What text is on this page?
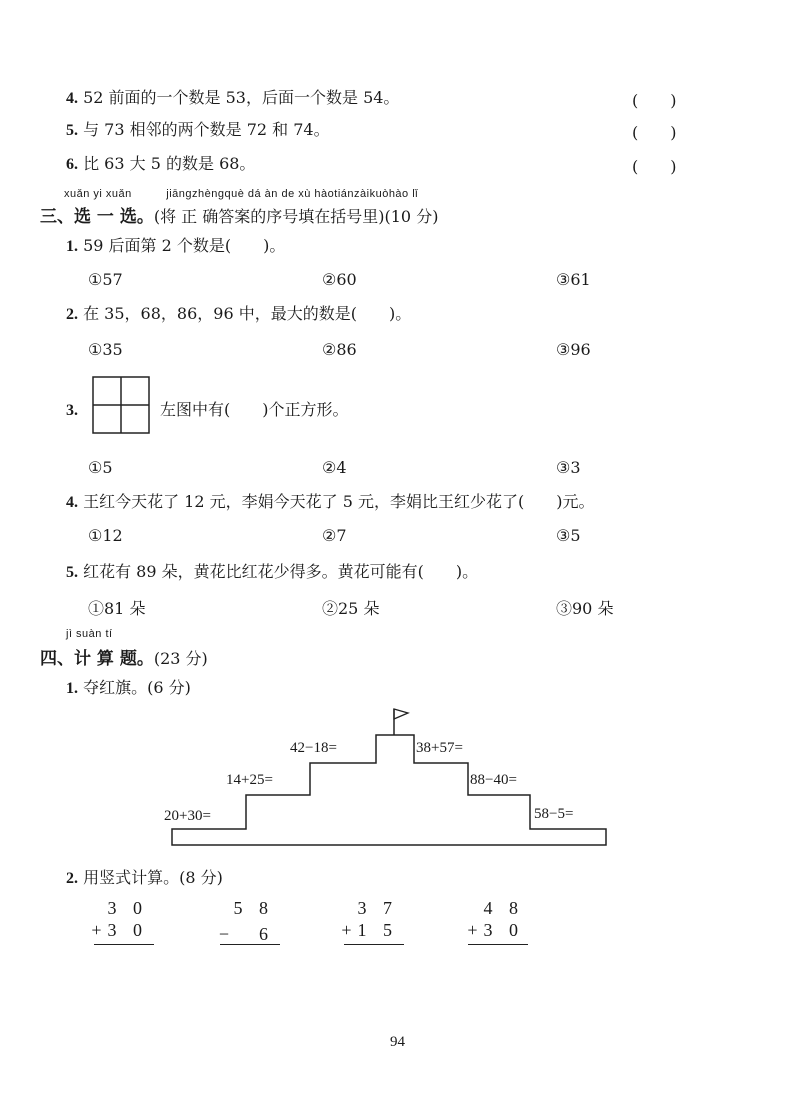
4. 52 前面的一个数是 53，后面一个数是 54。	(　　)
5. 与 73 相邻的两个数是 72 和 74。	(　　)
6. 比 63 大 5 的数是 68。	(　　)
xuǎn yi xuǎn　　　jiāngzhèngquè dá àn de xù hàotiánzàikuòhào lǐ
三、选 一 选。(将 正 确答案的序号填在括号里)(10 分)
1. 59 后面第 2 个数是(　　)。
①57	②60	③61
2. 在 35，68，86，96 中，最大的数是(　　)。
①35	②86	③96
3.	左图中有(　　)个正方形。
①5	②4	③3
4. 王红今天花了 12 元，李娟今天花了 5 元，李娟比王红少花了(　　)元。
①12	②7	③5
5. 红花有 89 朵，黄花比红花少得多。黄花可能有(　　)。
①81 朵	②25 朵	③90 朵
jì suàn tí
四、计 算 题。(23 分)
1. 夺红旗。(6 分)
20+30=
14+25=
42−18=	38+57=
88−40=
58−5=
2. 用竖式计算。(8 分)
3 0
+3 0
5 8
−　6
3 7
+1 5
4 8
+3 0
94
